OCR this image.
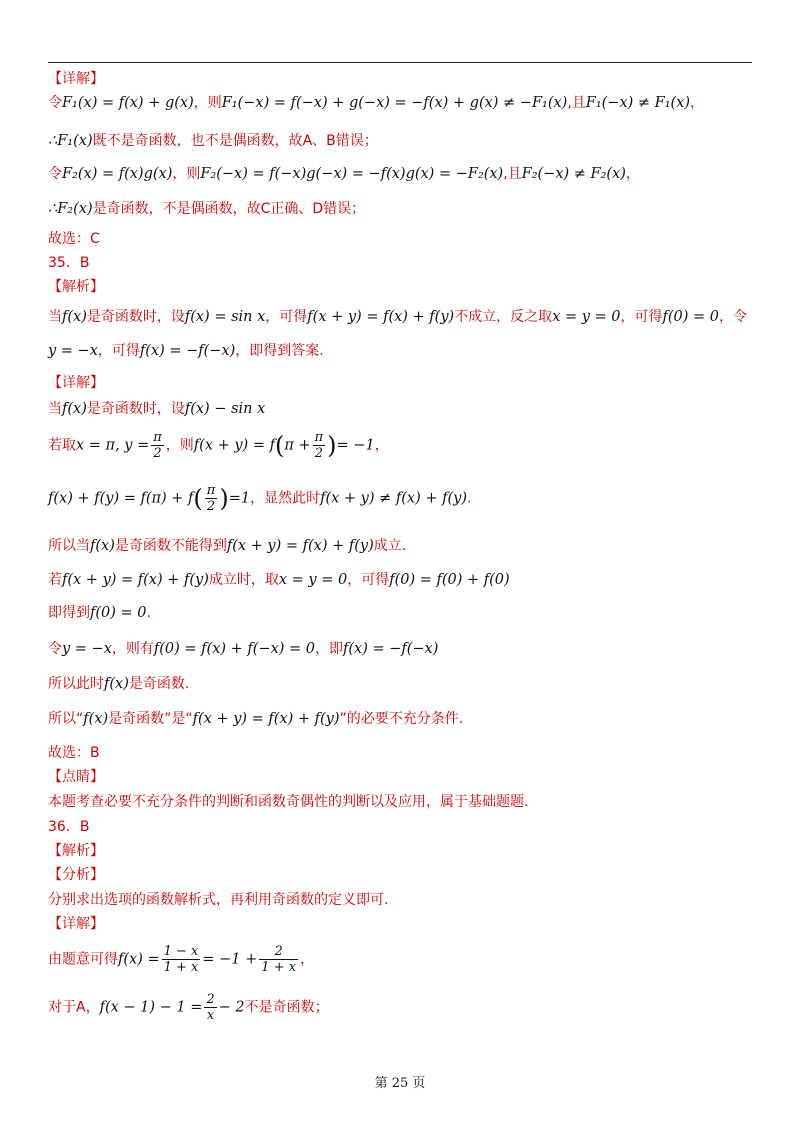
【详解】
令F₁(x) = f(x) + g(x)，则F₁(−x) = f(−x) + g(−x) = −f(x) + g(x) ≠ −F₁(x),且F₁(−x) ≠ F₁(x)，
∴F₁(x)既不是奇函数，也不是偶函数，故A、B错误；
令F₂(x) = f(x)g(x)，则F₂(−x) = f(−x)g(−x) = −f(x)g(x) = −F₂(x),且F₂(−x) ≠ F₂(x)，
∴F₂(x)是奇函数，不是偶函数，故C正确、D错误；
故选：C
35．B
【解析】
当f(x)是奇函数时，设f(x) = sin x，可得f(x + y) = f(x) + f(y)不成立，反之取x = y = 0，可得f(0) = 0，令
y = −x，可得f(x) = −f(−x)，即得到答案.
【详解】
当f(x)是奇函数时，设f(x) − sin x
若取x = π, $y = \frac{\pi}{2}$ ，则$f(x + y) = f(\pi + \frac{\pi}{2}$ )= −1，
$f(x) + f(y) = f(\pi) + f( \frac{\pi}{2} )=1$，显然此时f(x + y) ≠ f(x) + f(y).
所以当f(x)是奇函数不能得到f(x + y) = f(x) + f(y)成立.
若f(x + y) = f(x) + f(y)成立时，取x = y = 0，可得f(0) = f(0) + f(0)
即得到f(0) = 0.
令y = −x，则有f(0) = f(x) + f(−x) = 0，即f(x) = −f(−x)
所以此时f(x)是奇函数.
所以“f(x)是奇函数”是“f(x + y) = f(x) + f(y)”的必要不充分条件.
故选：B
【点睛】
本题考查必要不充分条件的判断和函数奇偶性的判断以及应用，属于基础题题.
36．B
【解析】
【分析】
分别求出选项的函数解析式，再利用奇函数的定义即可.
【详解】
由题意可得$f(x) = \frac{1 - x}{1 + x} = -1 + \frac{2}{1 + x}$ ，
对于A，$f(x - 1) - 1 = \frac{2}{x} - 2$不是奇函数；
第 25 页
